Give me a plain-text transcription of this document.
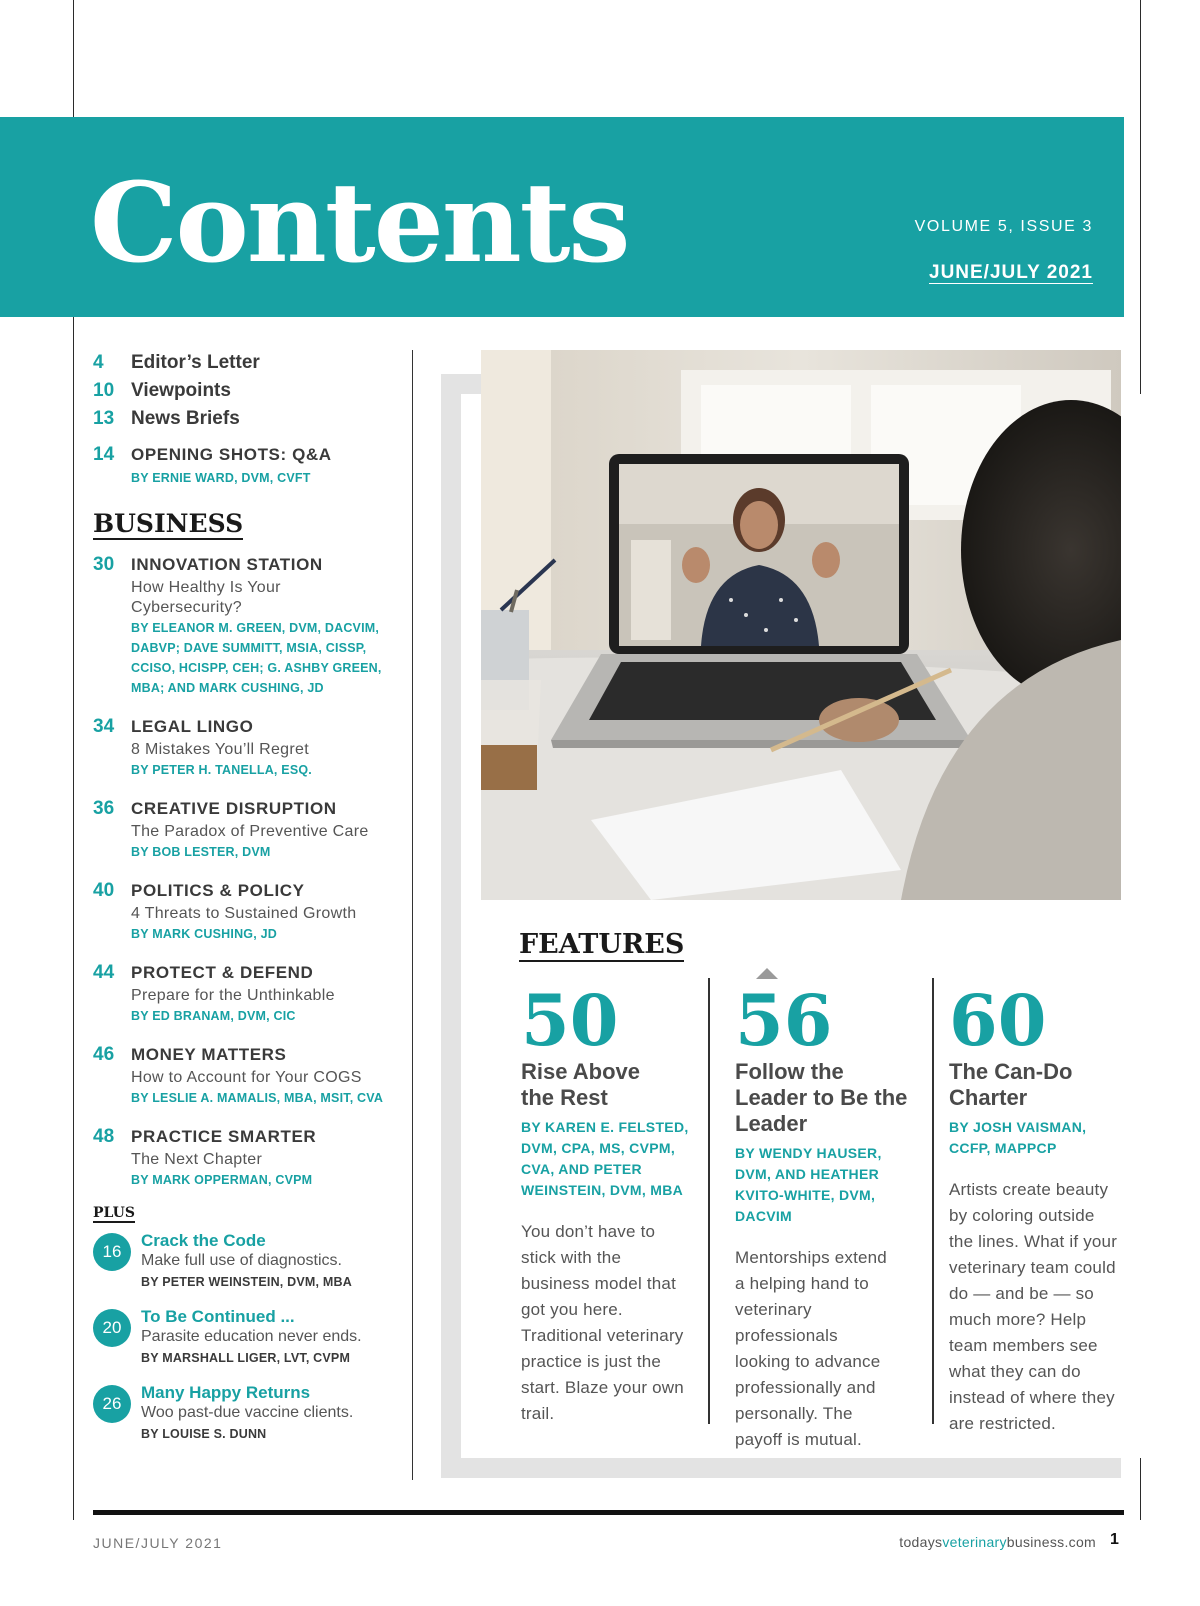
Contents	VOLUME 5, ISSUE 3
JUNE/JULY 2021
4	Editor’s Letter
10 Viewpoints
13 News Briefs
14 OPENING SHOTS: Q&A
BY ERNIE WARD, DVM, CVFT
BUSINESS
30 INNOVATION STATION
How Healthy Is Your Cybersecurity?
BY ELEANOR M. GREEN, DVM, DACVIM, DABVP; DAVE SUMMITT, MSIA, CISSP, CCISO, HCISPP, CEH; G. ASHBY GREEN, MBA; AND MARK CUSHING, JD
34 LEGAL LINGO
8 Mistakes You’ll Regret
BY PETER H. TANELLA, ESQ.
36 CREATIVE DISRUPTION
The Paradox of Preventive Care
BY BOB LESTER, DVM
40 POLITICS & POLICY
4 Threats to Sustained Growth
BY MARK CUSHING, JD
44 PROTECT & DEFEND
Prepare for the Unthinkable
BY ED BRANAM, DVM, CIC
46 MONEY MATTERS
How to Account for Your COGS
BY LESLIE A. MAMALIS, MBA, MSIT, CVA
48 PRACTICE SMARTER
The Next Chapter
BY MARK OPPERMAN, CVPM
PLUS
16
Crack the Code
Make full use of diagnostics.
BY PETER WEINSTEIN, DVM, MBA
20
To Be Continued ...
Parasite education never ends.
BY MARSHALL LIGER, LVT, CVPM
26
Many Happy Returns
Woo past-due vaccine clients.
BY LOUISE S. DUNN
FEATURES
50
Rise Above the Rest
BY KAREN E. FELSTED, DVM, CPA, MS, CVPM, CVA, AND PETER WEINSTEIN, DVM, MBA
You don’t have to stick with the business model that got you here. Traditional veterinary practice is just the start. Blaze your own trail.
56
Follow the Leader to Be the Leader
BY WENDY HAUSER, DVM, AND HEATHER KVITO-WHITE, DVM, DACVIM
Mentorships extend a helping hand to veterinary professionals looking to advance professionally and personally. The payoff is mutual.
60
The Can-Do Charter
BY JOSH VAISMAN, CCFP, MAPPCP
Artists create beauty by coloring outside the lines. What if your veterinary team could do — and be — so much more? Help team members see what they can do instead of where they are restricted.
JUNE/JULY 2021	todaysveterinarybusiness.com 1
